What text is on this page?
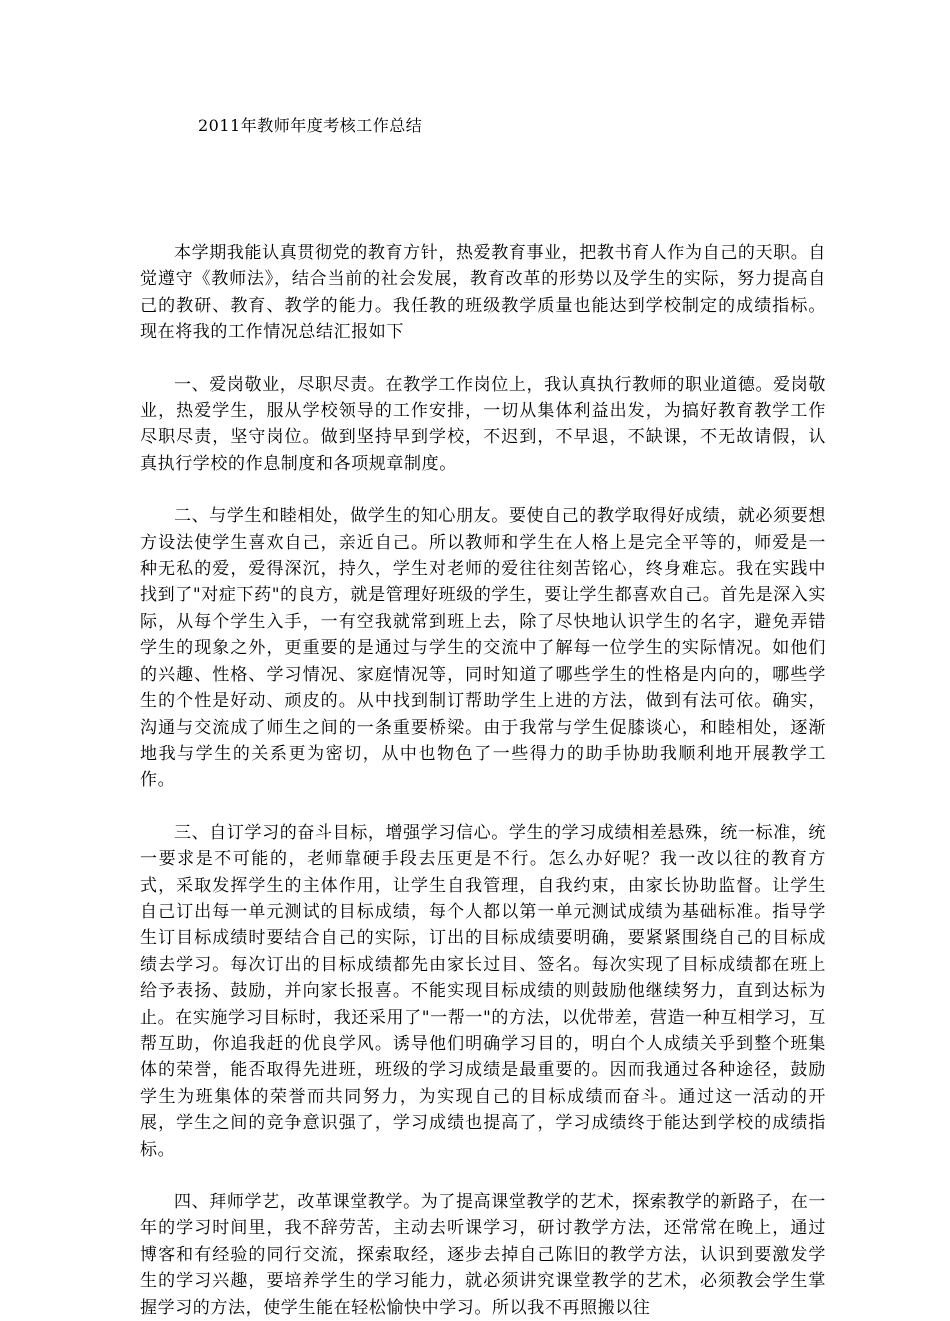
2011年教师年度考核工作总结

本学期我能认真贯彻党的教育方针，热爱教育事业，把教书育人作为自己的天职。自觉遵守《教师法》，结合当前的社会发展，教育改革的形势以及学生的实际，努力提高自己的教研、教育、教学的能力。我任教的班级教学质量也能达到学校制定的成绩指标。现在将我的工作情况总结汇报如下

一、爱岗敬业，尽职尽责。在教学工作岗位上，我认真执行教师的职业道德。爱岗敬业，热爱学生，服从学校领导的工作安排，一切从集体利益出发，为搞好教育教学工作尽职尽责，坚守岗位。做到坚持早到学校，不迟到，不早退，不缺课，不无故请假，认真执行学校的作息制度和各项规章制度。

二、与学生和睦相处，做学生的知心朋友。要使自己的教学取得好成绩，就必须要想方设法使学生喜欢自己，亲近自己。所以教师和学生在人格上是完全平等的，师爱是一种无私的爱，爱得深沉，持久，学生对老师的爱往往刻苦铭心，终身难忘。我在实践中找到了"对症下药"的良方，就是管理好班级的学生，要让学生都喜欢自己。首先是深入实际，从每个学生入手，一有空我就常到班上去，除了尽快地认识学生的名字，避免弄错学生的现象之外，更重要的是通过与学生的交流中了解每一位学生的实际情况。如他们的兴趣、性格、学习情况、家庭情况等，同时知道了哪些学生的性格是内向的，哪些学生的个性是好动、顽皮的。从中找到制订帮助学生上进的方法，做到有法可依。确实，沟通与交流成了师生之间的一条重要桥梁。由于我常与学生促膝谈心，和睦相处，逐渐地我与学生的关系更为密切，从中也物色了一些得力的助手协助我顺利地开展教学工作。

三、自订学习的奋斗目标，增强学习信心。学生的学习成绩相差悬殊，统一标准，统一要求是不可能的，老师靠硬手段去压更是不行。怎么办好呢？我一改以往的教育方式，采取发挥学生的主体作用，让学生自我管理，自我约束，由家长协助监督。让学生自己订出每一单元测试的目标成绩，每个人都以第一单元测试成绩为基础标准。指导学生订目标成绩时要结合自己的实际，订出的目标成绩要明确，要紧紧围绕自己的目标成绩去学习。每次订出的目标成绩都先由家长过目、签名。每次实现了目标成绩都在班上给予表扬、鼓励，并向家长报喜。不能实现目标成绩的则鼓励他继续努力，直到达标为止。在实施学习目标时，我还采用了"一帮一"的方法，以优带差，营造一种互相学习，互帮互助，你追我赶的优良学风。诱导他们明确学习目的，明白个人成绩关乎到整个班集体的荣誉，能否取得先进班，班级的学习成绩是最重要的。因而我通过各种途径，鼓励学生为班集体的荣誉而共同努力，为实现自己的目标成绩而奋斗。通过这一活动的开展，学生之间的竞争意识强了，学习成绩也提高了，学习成绩终于能达到学校的成绩指标。

四、拜师学艺，改革课堂教学。为了提高课堂教学的艺术，探索教学的新路子，在一年的学习时间里，我不辞劳苦，主动去听课学习，研讨教学方法，还常常在晚上，通过博客和有经验的同行交流，探索取经，逐步去掉自己陈旧的教学方法，认识到要激发学生的学习兴趣，要培养学生的学习能力，就必须讲究课堂教学的艺术，必须教会学生掌握学习的方法，使学生能在轻松愉快中学习。所以我不再照搬以往
